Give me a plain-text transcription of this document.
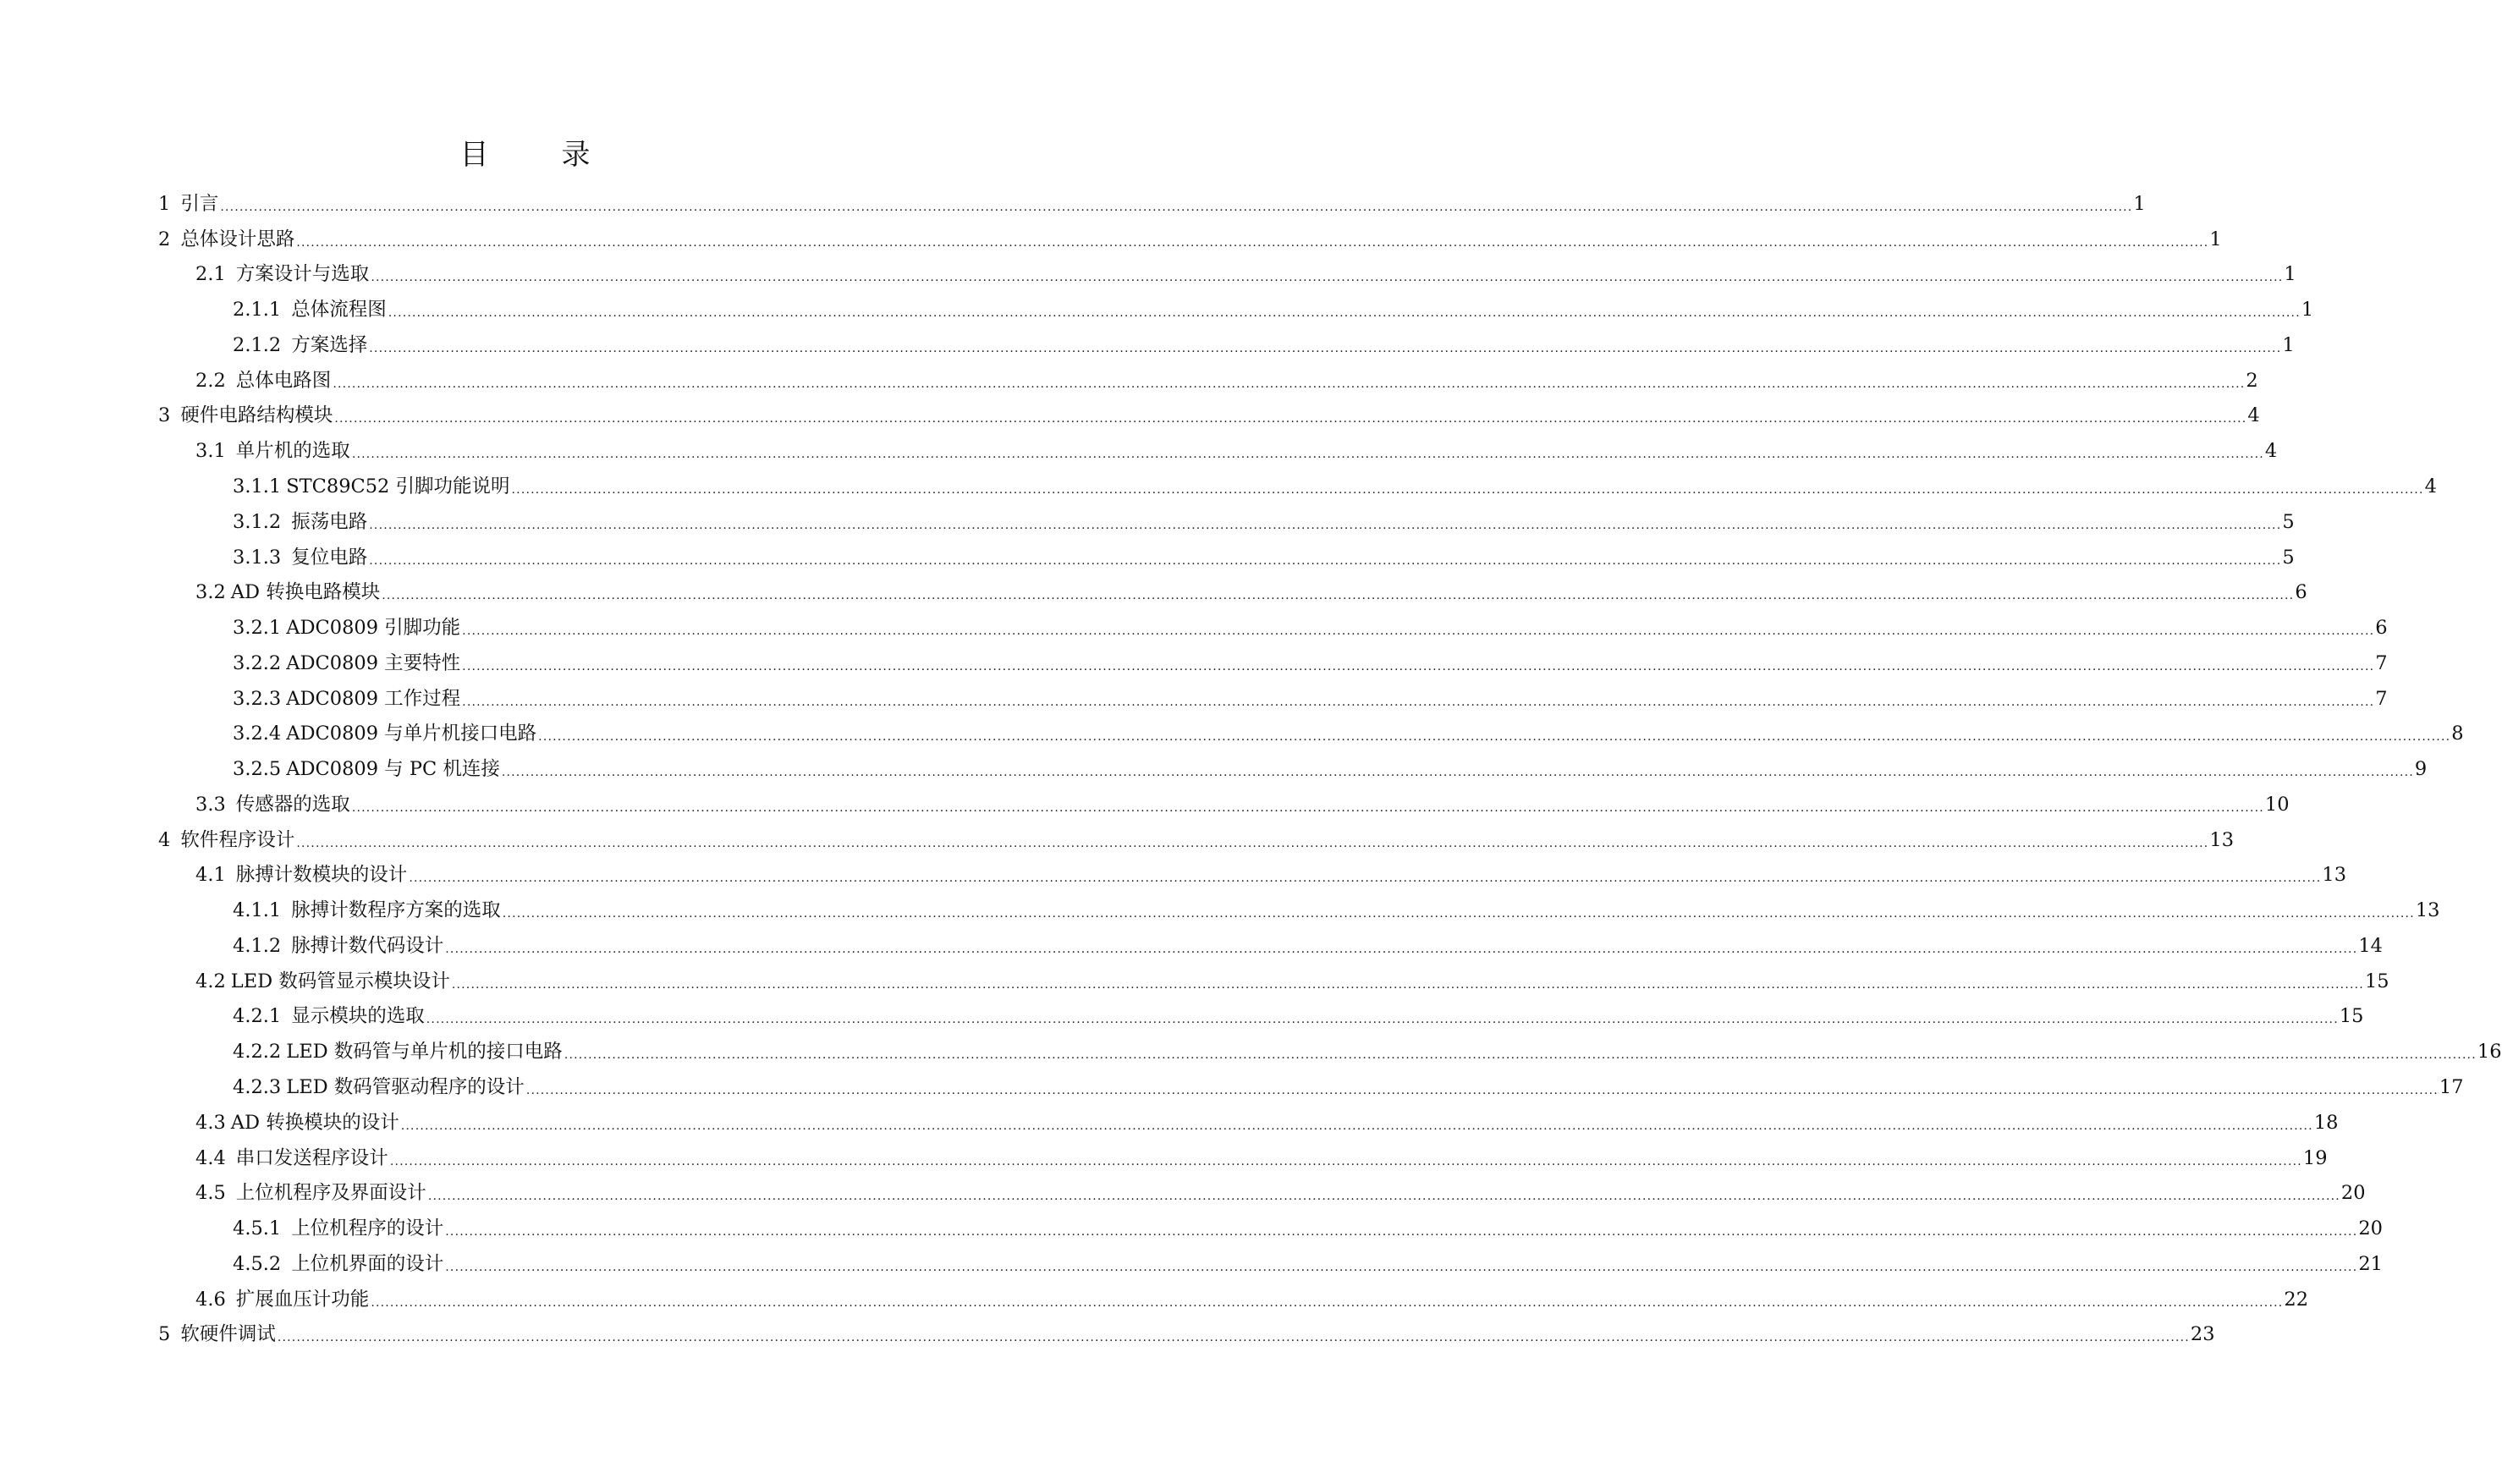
目	录
1 引言 ................................................................................................................................................................................................................................................................................................................................................................................................................ 1
2 总体设计思路 ................................................................................................................................................................................................................................................................................................................................................................................................................ 1
2.1 方案设计与选取 ................................................................................................................................................................................................................................................................................................................................................................................................................ 1
2.1.1 总体流程图 ................................................................................................................................................................................................................................................................................................................................................................................................................ 1
2.1.2 方案选择 ................................................................................................................................................................................................................................................................................................................................................................................................................ 1
2.2 总体电路图 ................................................................................................................................................................................................................................................................................................................................................................................................................ 2
3 硬件电路结构模块 ................................................................................................................................................................................................................................................................................................................................................................................................................ 4
3.1 单片机的选取 ................................................................................................................................................................................................................................................................................................................................................................................................................ 4
3.1.1 STC89C52 引脚功能说明 ................................................................................................................................................................................................................................................................................................................................................................................................................ 4
3.1.2 振荡电路 ................................................................................................................................................................................................................................................................................................................................................................................................................ 5
3.1.3 复位电路 ................................................................................................................................................................................................................................................................................................................................................................................................................ 5
3.2 AD 转换电路模块 ................................................................................................................................................................................................................................................................................................................................................................................................................ 6
3.2.1 ADC0809 引脚功能 ................................................................................................................................................................................................................................................................................................................................................................................................................ 6
3.2.2 ADC0809 主要特性 ................................................................................................................................................................................................................................................................................................................................................................................................................ 7
3.2.3 ADC0809 工作过程 ................................................................................................................................................................................................................................................................................................................................................................................................................ 7
3.2.4 ADC0809 与单片机接口电路 ................................................................................................................................................................................................................................................................................................................................................................................................................ 8
3.2.5 ADC0809 与 PC 机连接 ................................................................................................................................................................................................................................................................................................................................................................................................................ 9
3.3 传感器的选取 ................................................................................................................................................................................................................................................................................................................................................................................................................ 10
4 软件程序设计 ................................................................................................................................................................................................................................................................................................................................................................................................................ 13
4.1 脉搏计数模块的设计 ................................................................................................................................................................................................................................................................................................................................................................................................................ 13
4.1.1 脉搏计数程序方案的选取 ................................................................................................................................................................................................................................................................................................................................................................................................................ 13
4.1.2 脉搏计数代码设计 ................................................................................................................................................................................................................................................................................................................................................................................................................ 14
4.2 LED 数码管显示模块设计 ................................................................................................................................................................................................................................................................................................................................................................................................................ 15
4.2.1 显示模块的选取 ................................................................................................................................................................................................................................................................................................................................................................................................................ 15
4.2.2 LED 数码管与单片机的接口电路 ................................................................................................................................................................................................................................................................................................................................................................................................................ 16
4.2.3 LED 数码管驱动程序的设计 ................................................................................................................................................................................................................................................................................................................................................................................................................ 17
4.3 AD 转换模块的设计 ................................................................................................................................................................................................................................................................................................................................................................................................................ 18
4.4 串口发送程序设计 ................................................................................................................................................................................................................................................................................................................................................................................................................ 19
4.5 上位机程序及界面设计 ................................................................................................................................................................................................................................................................................................................................................................................................................ 20
4.5.1 上位机程序的设计 ................................................................................................................................................................................................................................................................................................................................................................................................................ 20
4.5.2 上位机界面的设计 ................................................................................................................................................................................................................................................................................................................................................................................................................ 21
4.6 扩展血压计功能 ................................................................................................................................................................................................................................................................................................................................................................................................................ 22
5 软硬件调试 ................................................................................................................................................................................................................................................................................................................................................................................................................ 23
